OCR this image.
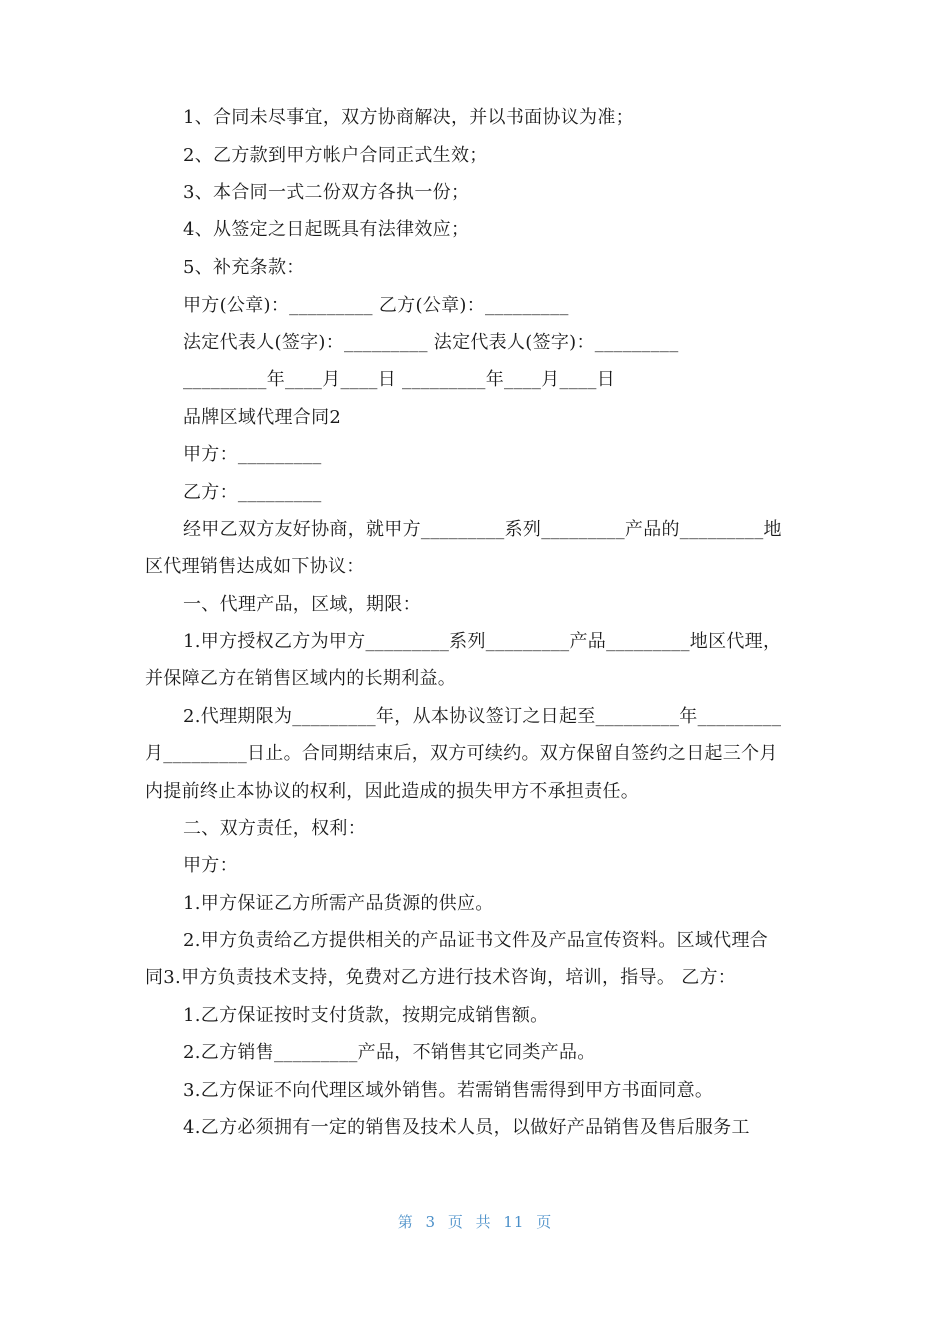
1、合同未尽事宜，双方协商解决，并以书面协议为准；
2、乙方款到甲方帐户合同正式生效；
3、本合同一式二份双方各执一份；
4、从签定之日起既具有法律效应；
5、补充条款：
甲方(公章)：_________ 乙方(公章)：_________
法定代表人(签字)：_________ 法定代表人(签字)：_________
_________年____月____日 _________年____月____日
品牌区域代理合同2
甲方：_________
乙方：_________
经甲乙双方友好协商，就甲方_________系列_________产品的_________地
区代理销售达成如下协议：
一、代理产品，区域，期限：
1.甲方授权乙方为甲方_________系列_________产品_________地区代理，
并保障乙方在销售区域内的长期利益。
2.代理期限为_________年，从本协议签订之日起至_________年_________
月_________日止。合同期结束后，双方可续约。双方保留自签约之日起三个月
内提前终止本协议的权利，因此造成的损失甲方不承担责任。
二、双方责任，权利：
甲方：
1.甲方保证乙方所需产品货源的供应。
2.甲方负责给乙方提供相关的产品证书文件及产品宣传资料。区域代理合
同3.甲方负责技术支持，免费对乙方进行技术咨询，培训，指导。 乙方：
1.乙方保证按时支付货款，按期完成销售额。
2.乙方销售_________产品，不销售其它同类产品。
3.乙方保证不向代理区域外销售。若需销售需得到甲方书面同意。
4.乙方必须拥有一定的销售及技术人员，以做好产品销售及售后服务工
第 3 页 共 11 页
